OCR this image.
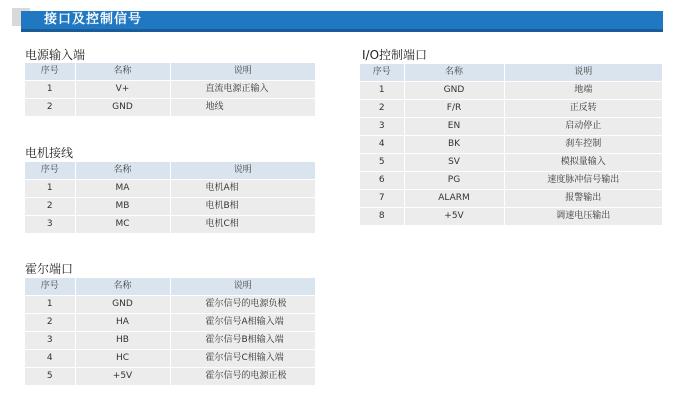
接口及控制信号
电源输入端
序号	名称	说明
1	V+	直流电源正输入
2	GND	地线
电机接线
序号	名称	说明
1	MA	电机A相
2	MB	电机B相
3	MC	电机C相
霍尔端口
序号	名称	说明
1	GND	霍尔信号的电源负极
2	HA	霍尔信号A相输入端
3	HB	霍尔信号B相输入端
4	HC	霍尔信号C相输入端
5	+5V	霍尔信号的电源正极
I/O控制端口
序号	名称	说明
1	GND	地端
2	F/R	正反转
3	EN	启动停止
4	BK	刹车控制
5	SV	模拟量输入
6	PG	速度脉冲信号输出
7	ALARM	报警输出
8	+5V	调速电压输出
